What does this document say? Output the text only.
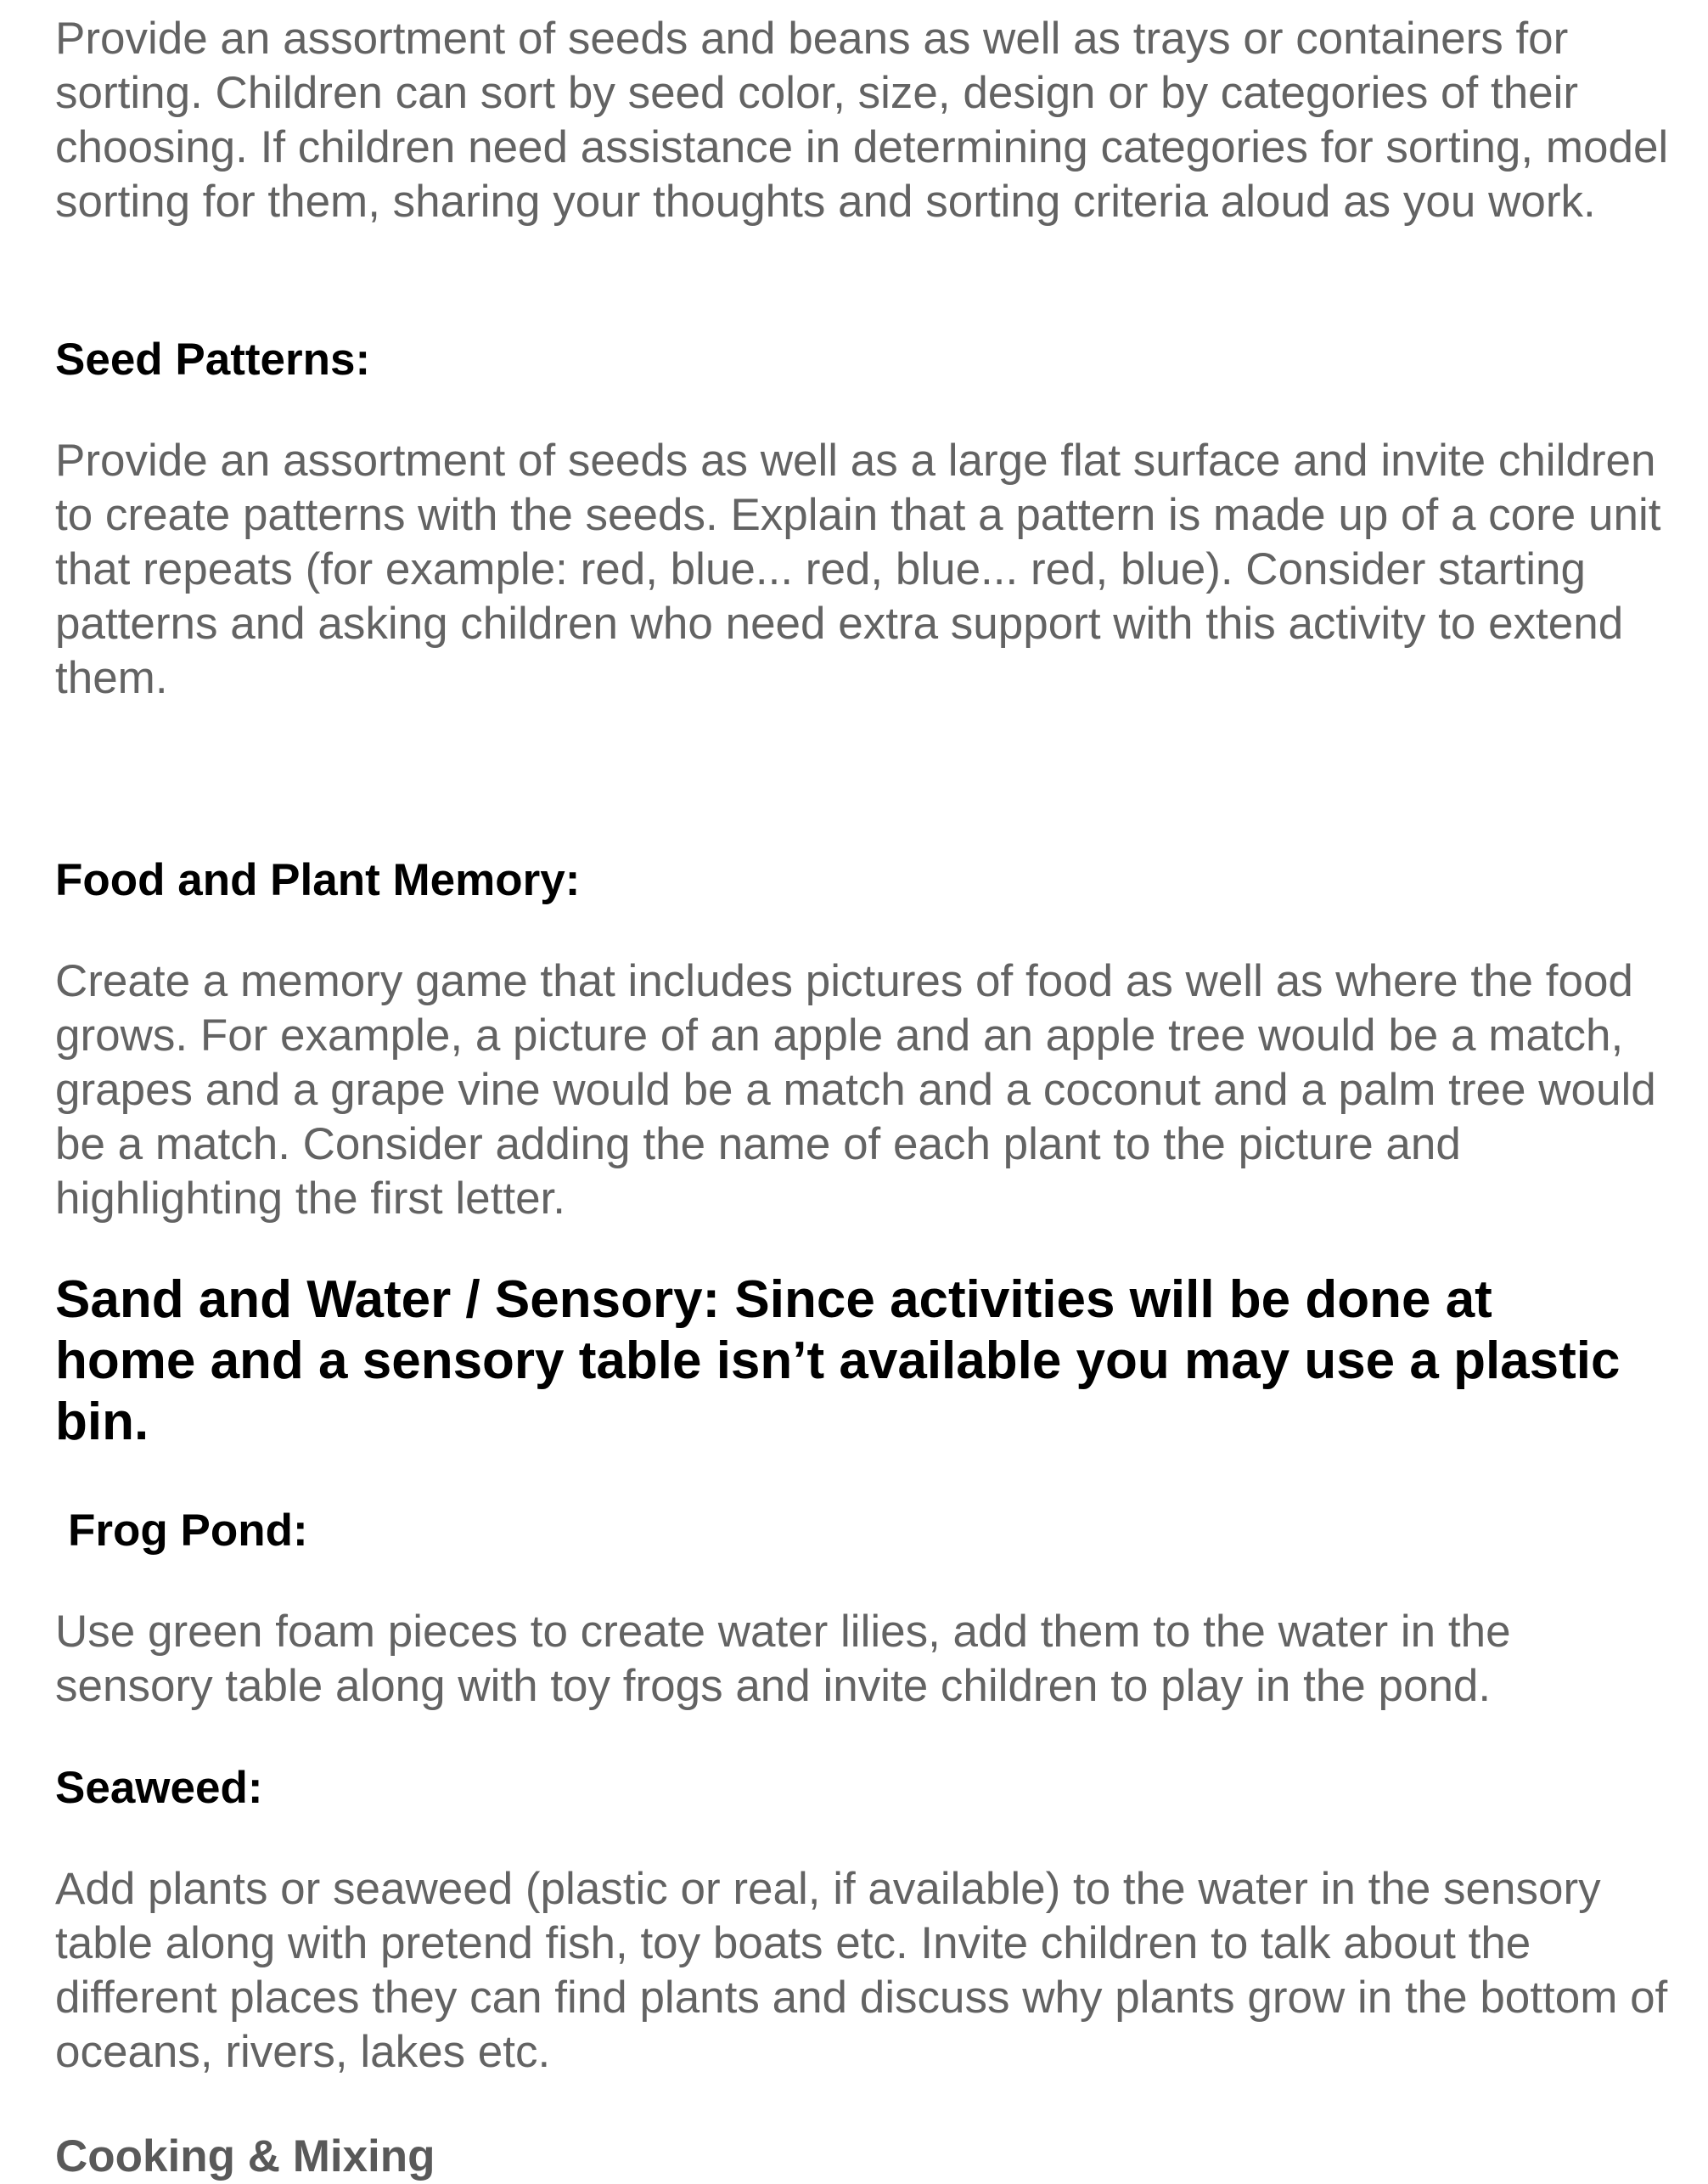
Provide an assortment of seeds and beans as well as trays or containers for sorting. Children can sort by seed color, size, design or by categories of their choosing. If children need assistance in determining categories for sorting, model sorting for them, sharing your thoughts and sorting criteria aloud as you work.

Seed Patterns:

Provide an assortment of seeds as well as a large flat surface and invite children to create patterns with the seeds. Explain that a pattern is made up of a core unit that repeats (for example: red, blue... red, blue... red, blue). Consider starting patterns and asking children who need extra support with this activity to extend them.

Food and Plant Memory:

Create a memory game that includes pictures of food as well as where the food grows. For example, a picture of an apple and an apple tree would be a match, grapes and a grape vine would be a match and a coconut and a palm tree would be a match. Consider adding the name of each plant to the picture and highlighting the first letter.

Sand and Water / Sensory: Since activities will be done at home and a sensory table isn’t available you may use a plastic bin.
Frog Pond:

Use green foam pieces to create water lilies, add them to the water in the sensory table along with toy frogs and invite children to play in the pond.

Seaweed:

Add plants or seaweed (plastic or real, if available) to the water in the sensory table along with pretend fish, toy boats etc. Invite children to talk about the different places they can find plants and discuss why plants grow in the bottom of oceans, rivers, lakes etc.

Cooking & Mixing
